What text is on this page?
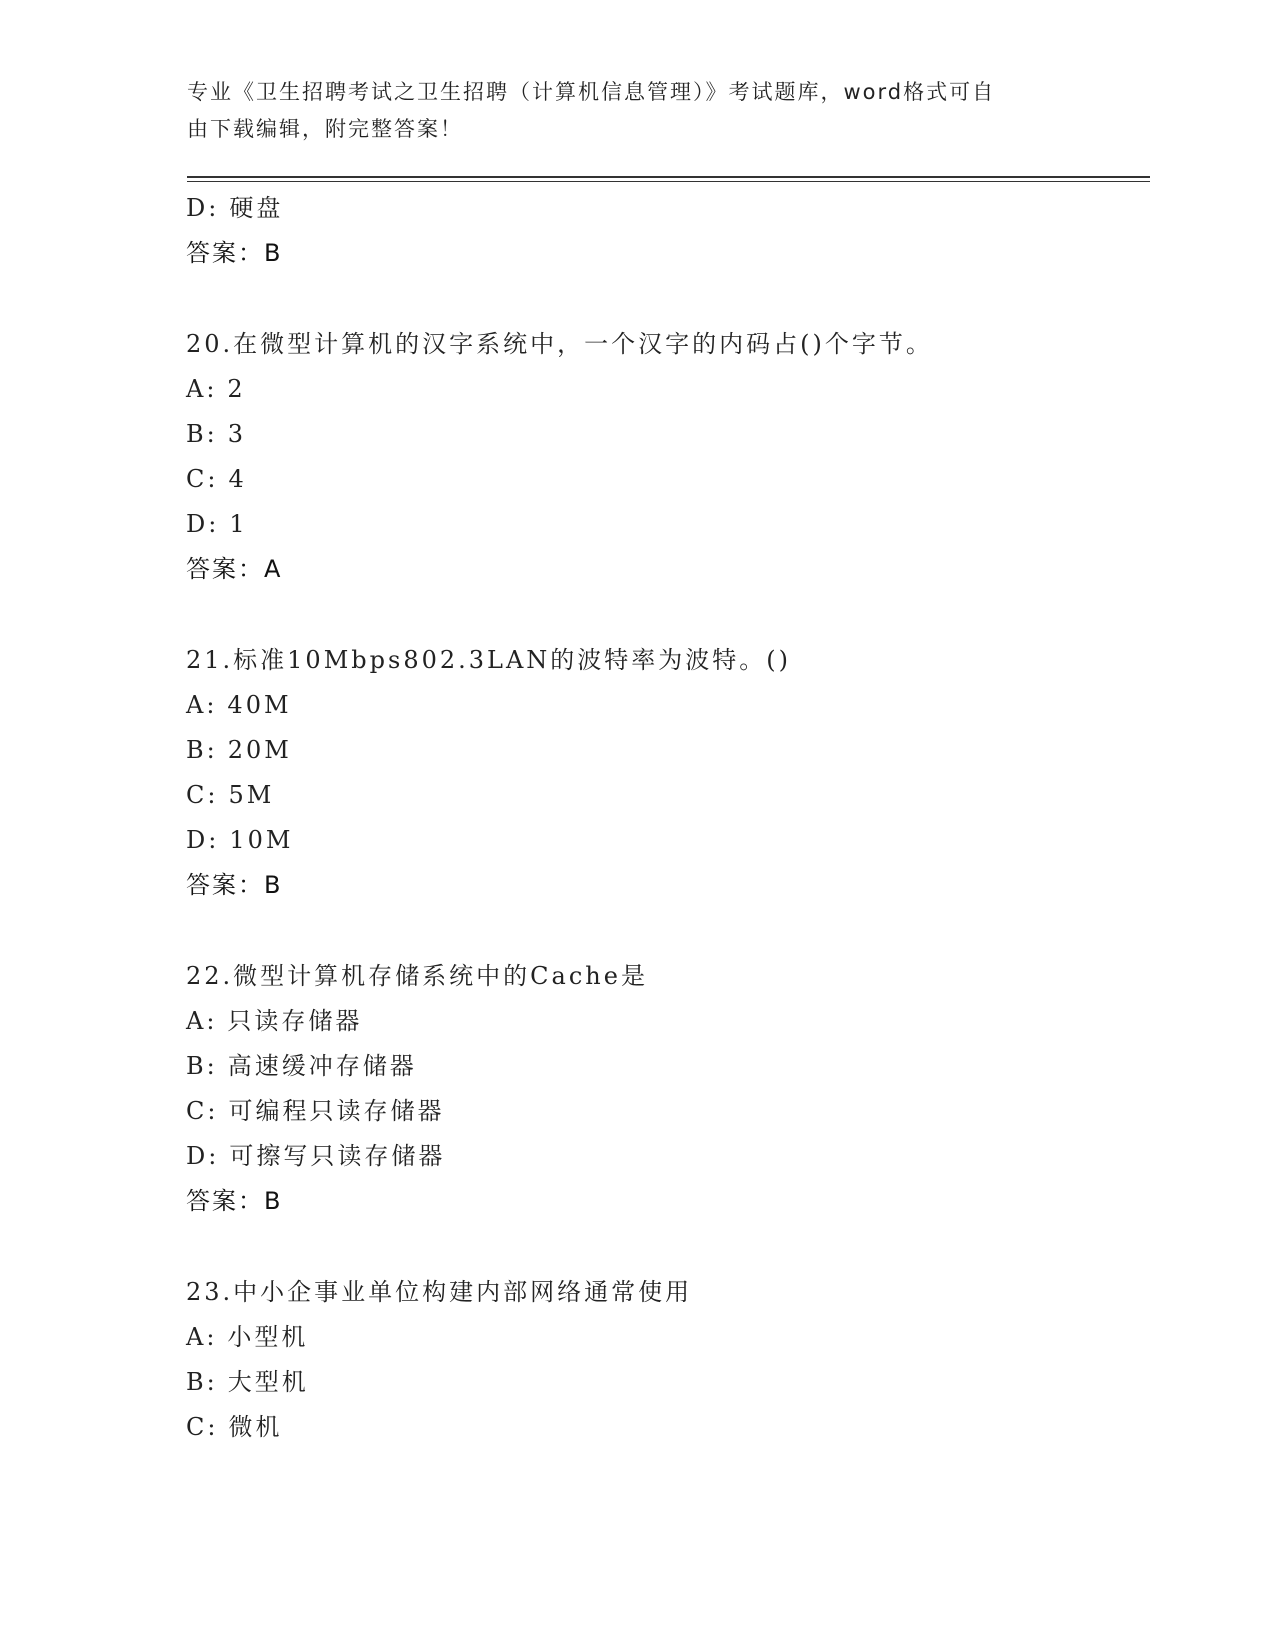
专业《卫生招聘考试之卫生招聘（计算机信息管理）》考试题库，word格式可自
由下载编辑，附完整答案！
D: 硬盘
答案：B
20.在微型计算机的汉字系统中，一个汉字的内码占()个字节。
A: 2
B: 3
C: 4
D: 1
答案：A
21.标准10Mbps802.3LAN的波特率为波特。()
A: 40M
B: 20M
C: 5M
D: 10M
答案：B
22.微型计算机存储系统中的Cache是
A: 只读存储器
B: 高速缓冲存储器
C: 可编程只读存储器
D: 可擦写只读存储器
答案：B
23.中小企事业单位构建内部网络通常使用
A: 小型机
B: 大型机
C: 微机
